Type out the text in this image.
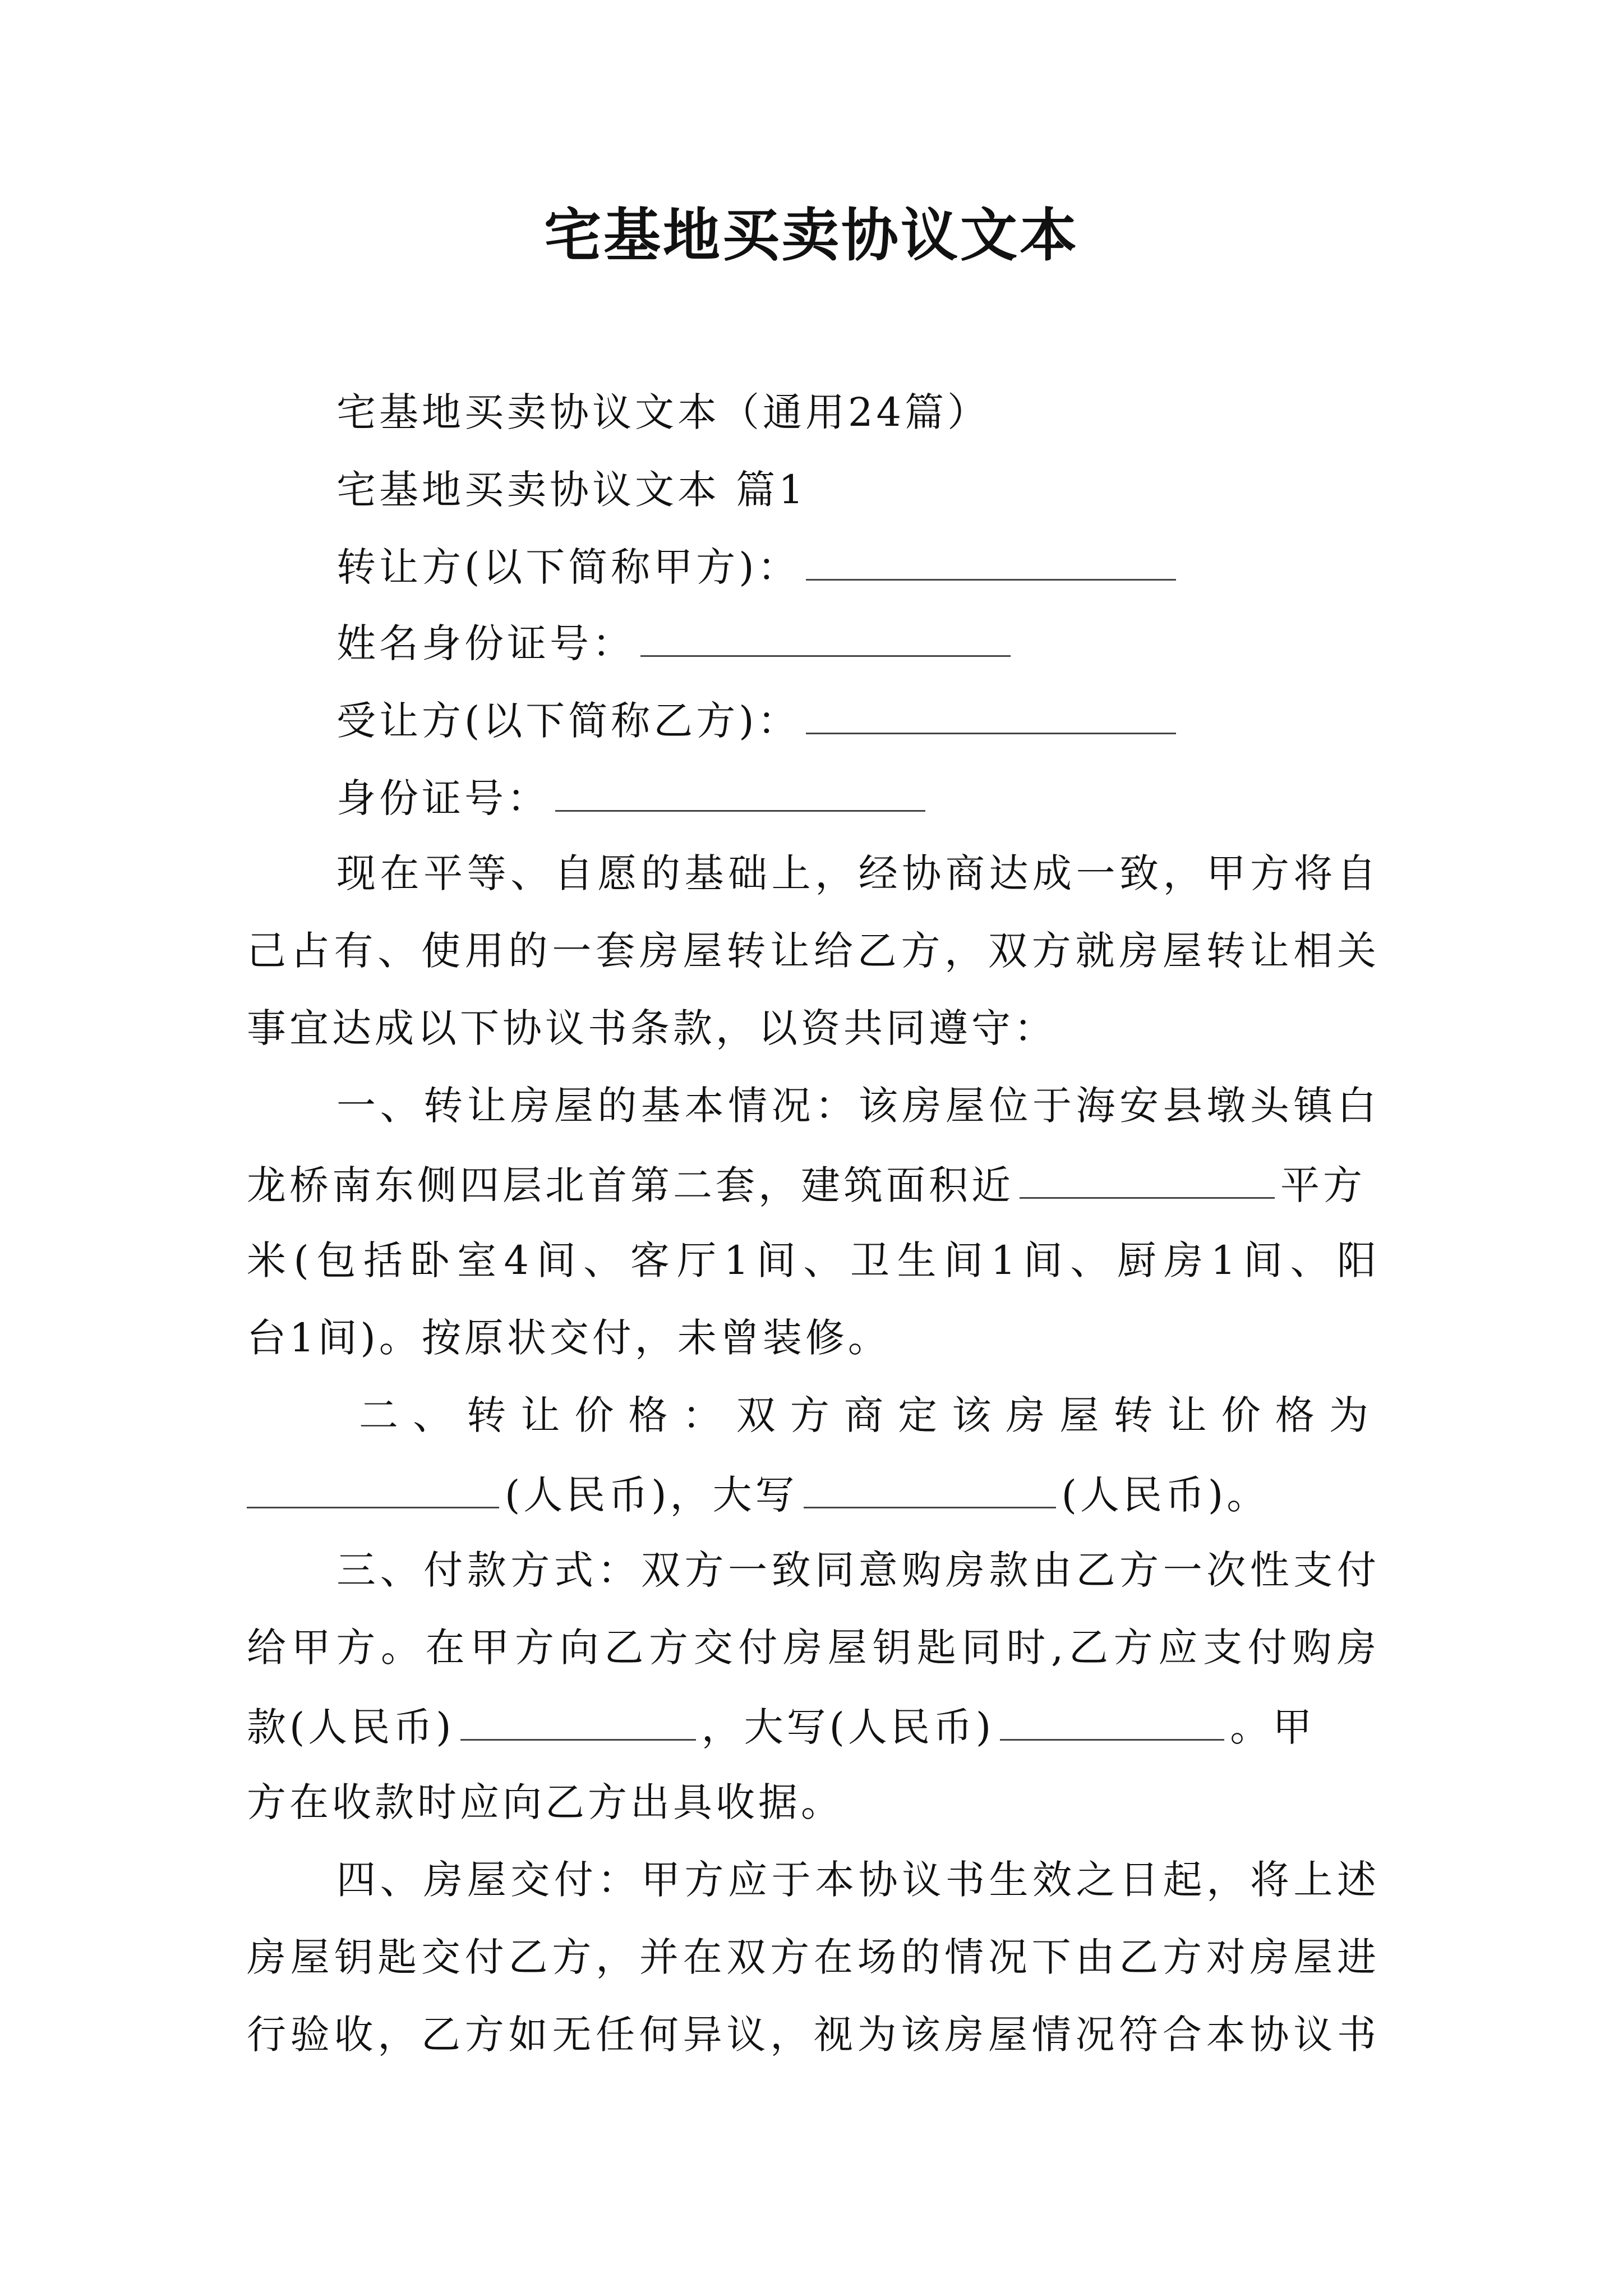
宅基地买卖协议文本
宅基地买卖协议文本（通用24篇）
宅基地买卖协议文本 篇1
转让方(以下简称甲方)：
姓名身份证号：
受让方(以下简称乙方)：
身份证号：
现在平等、自愿的基础上，经协商达成一致，甲方将自
己占有、使用的一套房屋转让给乙方，双方就房屋转让相关
事宜达成以下协议书条款，以资共同遵守：
一、转让房屋的基本情况：该房屋位于海安县墩头镇白
龙桥南东侧四层北首第二套，建筑面积近	平方
米(包括卧室4间、客厅1间、卫生间1间、厨房1间、阳
台1间)。按原状交付，未曾装修。
二、转让价格：双方商定该房屋转让价格为
(人民币)，大写	(人民币)。
三、付款方式：双方一致同意购房款由乙方一次性支付
给甲方。在甲方向乙方交付房屋钥匙同时,乙方应支付购房
款(人民币)	，大写(人民币)	。甲
方在收款时应向乙方出具收据。
四、房屋交付：甲方应于本协议书生效之日起，将上述
房屋钥匙交付乙方，并在双方在场的情况下由乙方对房屋进
行验收，乙方如无任何异议，视为该房屋情况符合本协议书
